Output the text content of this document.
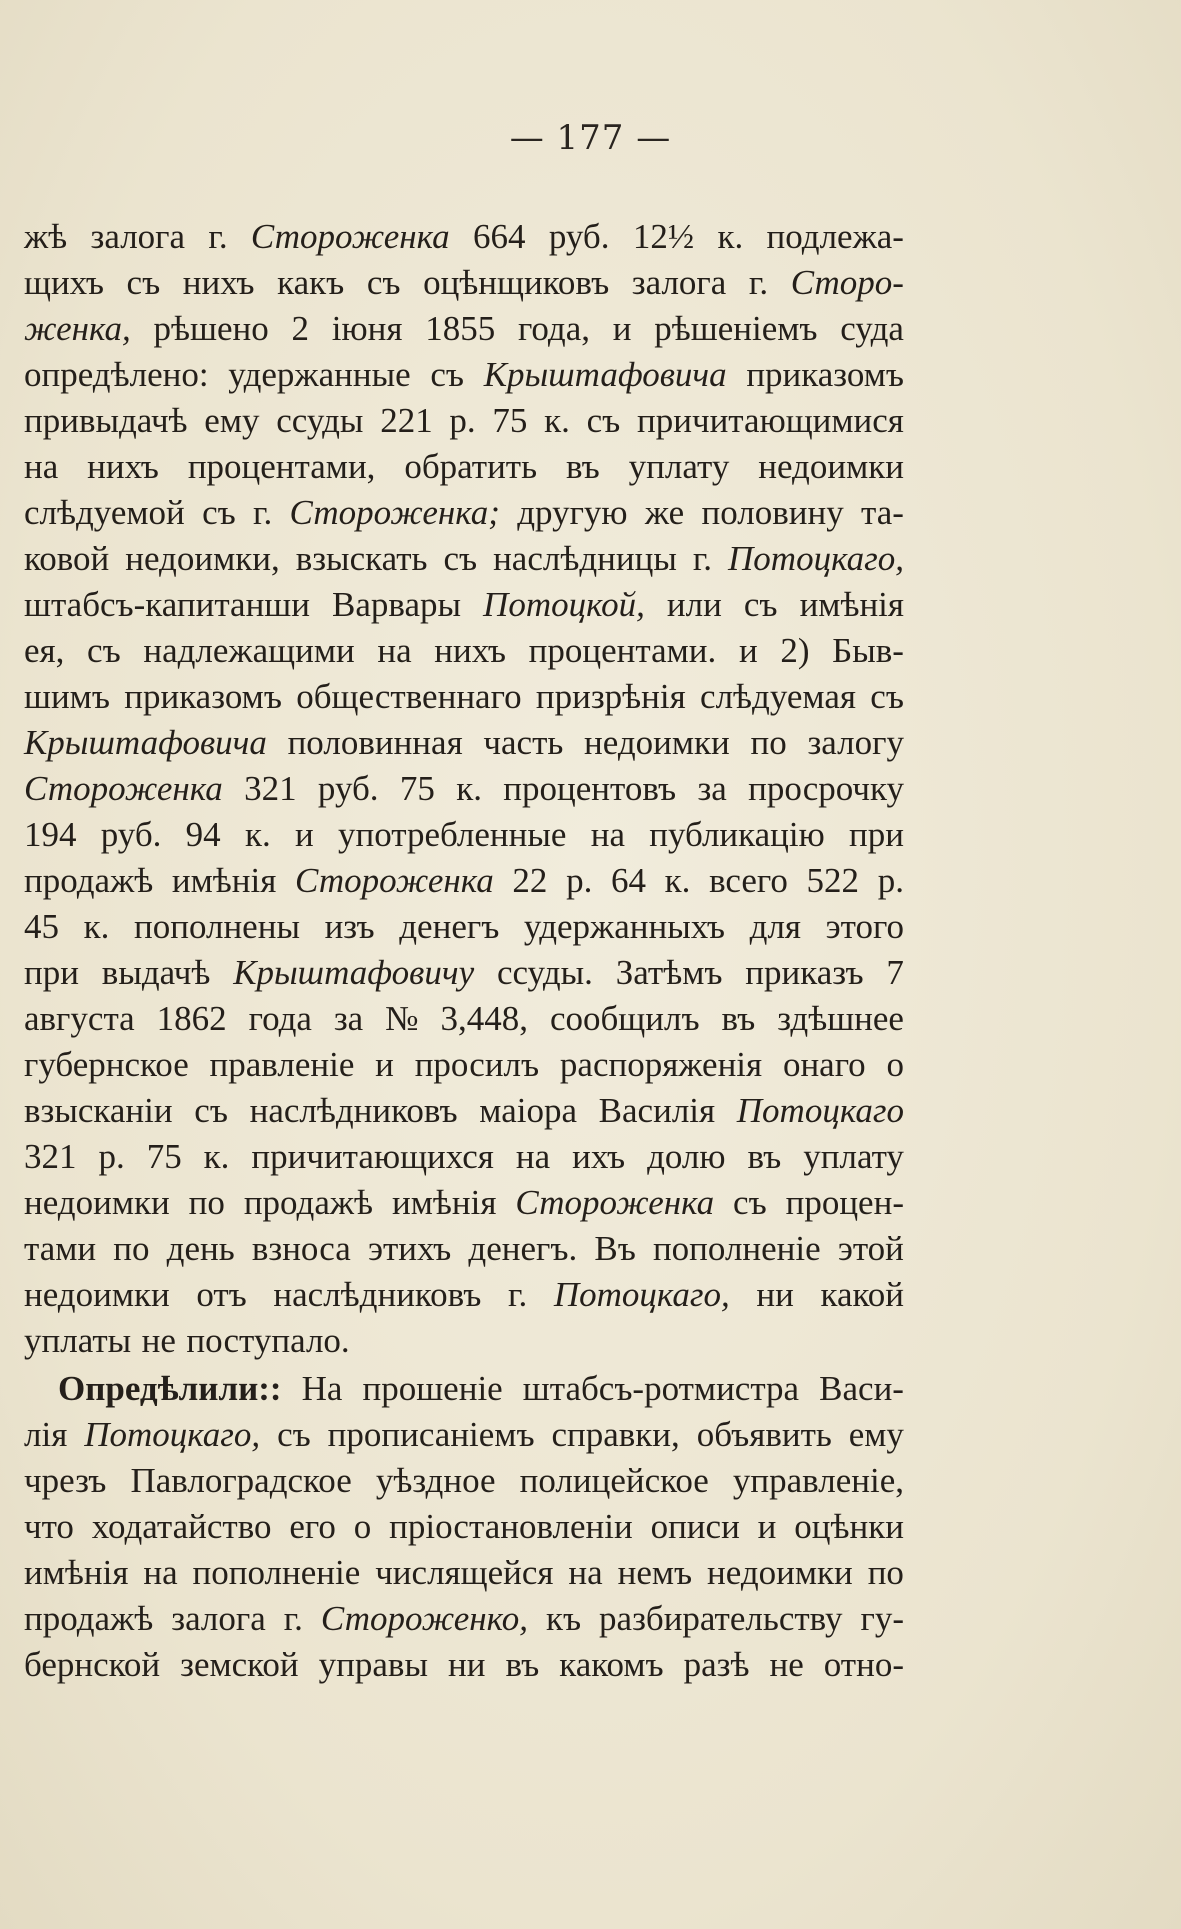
— 177 —
жѣ залога г. Стороженка 664 руб. 12½ к. подлежа-
щихъ съ нихъ какъ съ оцѣнщиковъ залога г. Сторо-
женка, рѣшено 2 іюня 1855 года, и рѣшеніемъ суда
опредѣлено: удержанные съ Крыштафовича приказомъ
привыдачѣ ему ссуды 221 р. 75 к. съ причитающимися
на нихъ процентами, обратить въ уплату недоимки
слѣдуемой съ г. Стороженка; другую же половину та-
ковой недоимки, взыскать съ наслѣдницы г. Потоцкаго,
штабсъ-капитанши Варвары Потоцкой, или съ имѣнія
ея, съ надлежащими на нихъ процентами. и 2) Быв-
шимъ приказомъ общественнаго призрѣнія слѣдуемая съ
Крыштафовича половинная часть недоимки по залогу
Стороженка 321 руб. 75 к. процентовъ за просрочку
194 руб. 94 к. и употребленные на публикацію при
продажѣ имѣнія Стороженка 22 р. 64 к. всего 522 р.
45 к. пополнены изъ денегъ удержанныхъ для этого
при выдачѣ Крыштафовичу ссуды. Затѣмъ приказъ 7
августа 1862 года за № 3,448, сообщилъ въ здѣшнее
губернское правленіе и просилъ распоряженія онаго о
взысканіи съ наслѣдниковъ маіора Василія Потоцкаго
321 р. 75 к. причитающихся на ихъ долю въ уплату
недоимки по продажѣ имѣнія Стороженка съ процен-
тами по день взноса этихъ денегъ. Въ пополненіе этой
недоимки отъ наслѣдниковъ г. Потоцкаго, ни какой
уплаты не поступало.
Опредѣлили:: На прошеніе штабсъ-ротмистра Васи-
лія Потоцкаго, съ прописаніемъ справки, объявить ему
чрезъ Павлоградское уѣздное полицейское управленіе,
что ходатайство его о пріостановленіи описи и оцѣнки
имѣнія на пополненіе числящейся на немъ недоимки по
продажѣ залога г. Стороженко, къ разбирательству гу-
бернской земской управы ни въ какомъ разѣ не отно-
